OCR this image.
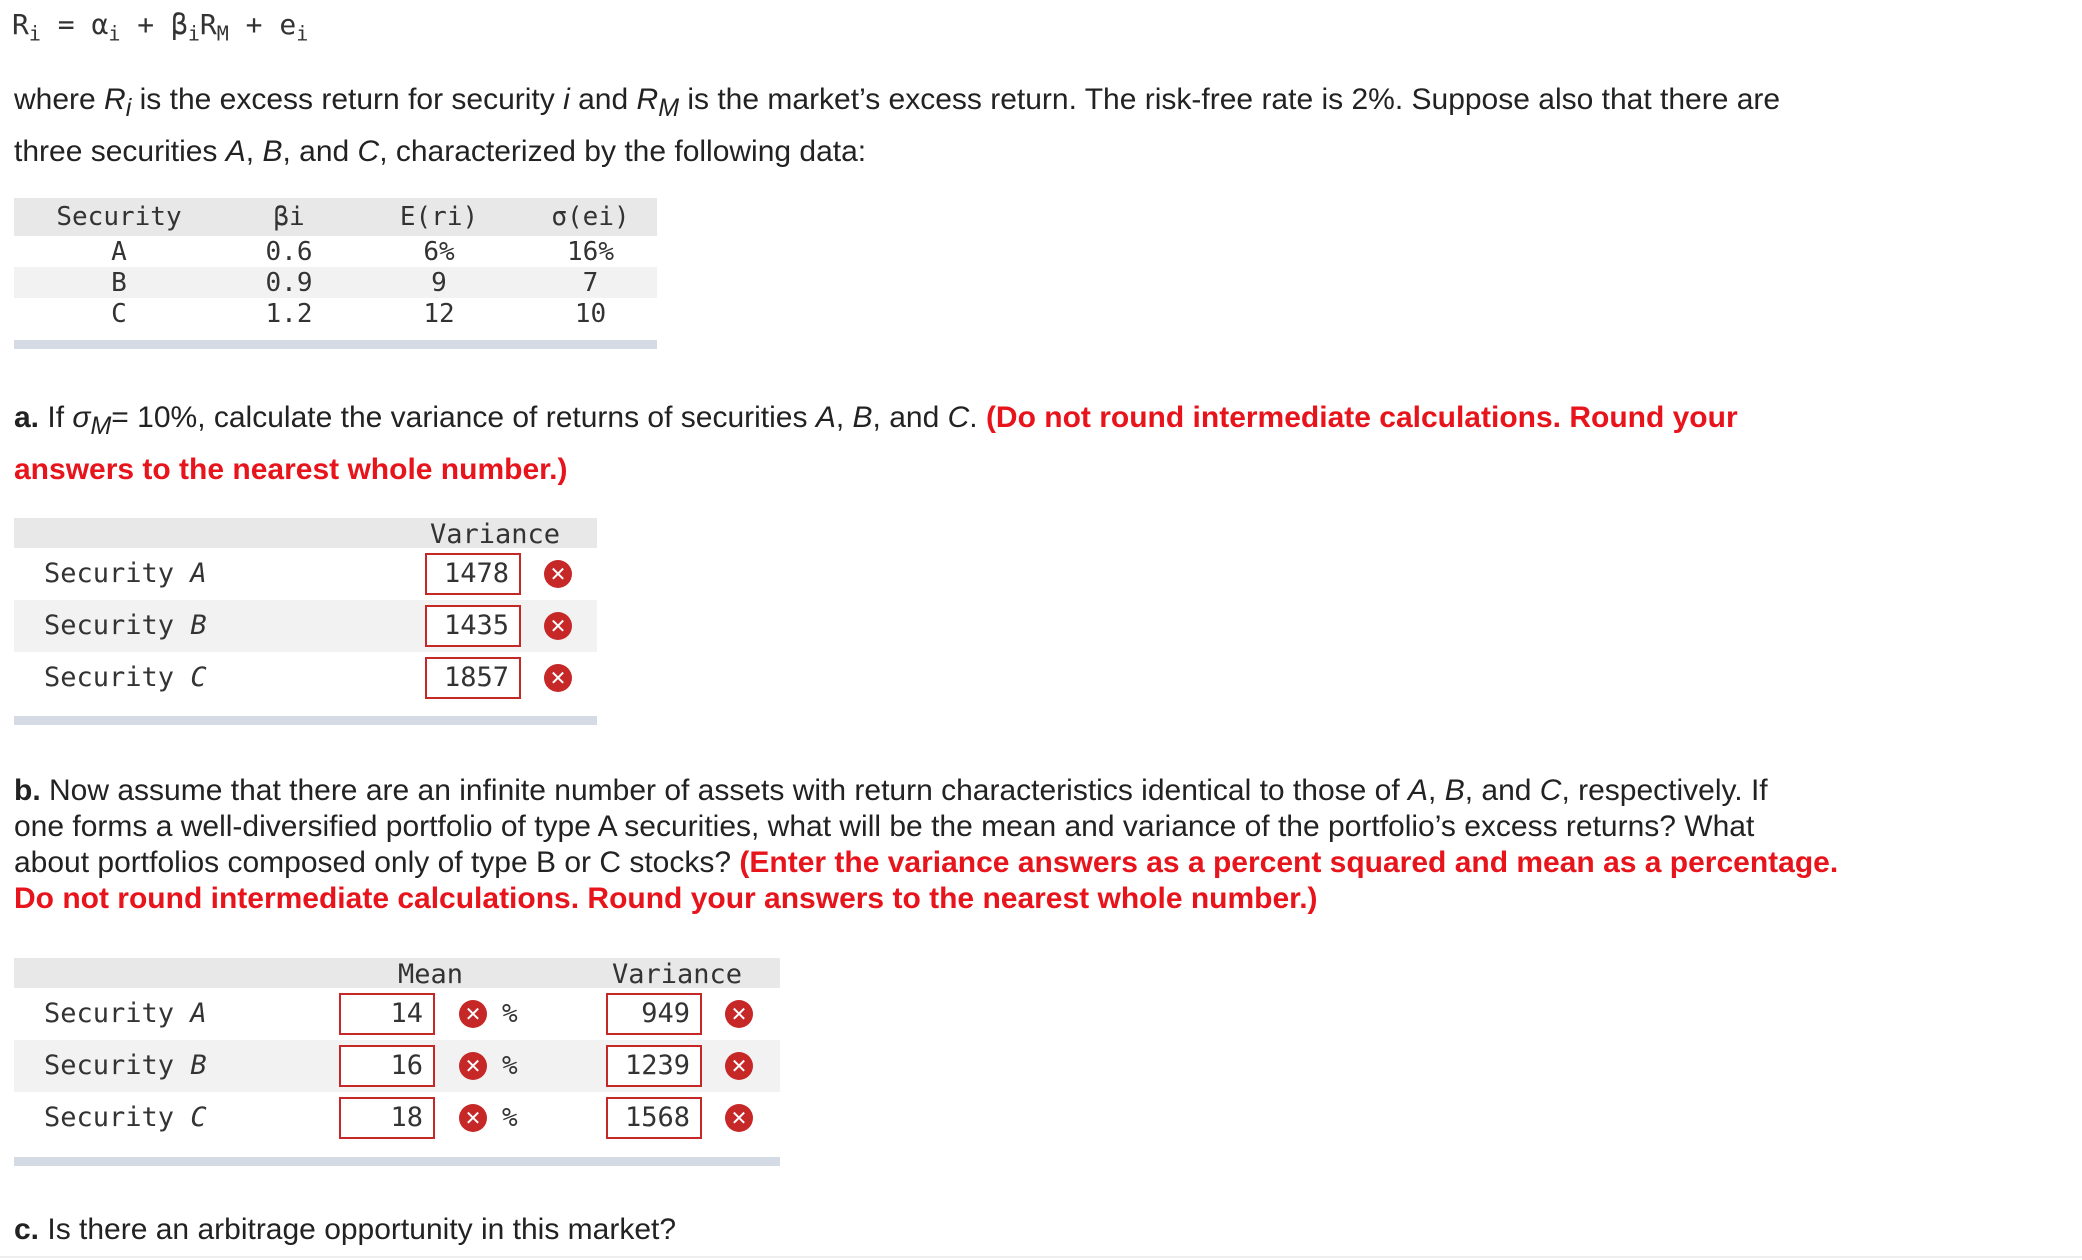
$R_i = \alpha_i + \beta_iR_M + e_i$
where $R_i$ is the excess return for security i and $R_M$ is the market’s excess return. The risk-free rate is 2%. Suppose also that there are
three securities A, B, and C, characterized by the following data:
Security	βi	E(ri)	σ(ei)
A	0.6	6%	16%
B	0.9	9	7
C	1.2	12	10
a. If $\sigma_M= 10\%$, calculate the variance of returns of securities A, B, and C. (Do not round intermediate calculations. Round your
answers to the nearest whole number.)
Variance
Security A	1478	✕
Security B	1435	✕
Security C	1857	✕
b. Now assume that there are an infinite number of assets with return characteristics identical to those of A, B, and C, respectively. If
one forms a well-diversified portfolio of type A securities, what will be the mean and variance of the portfolio’s excess returns? What
about portfolios composed only of type B or C stocks? (Enter the variance answers as a percent squared and mean as a percentage.
Do not round intermediate calculations. Round your answers to the nearest whole number.)
Mean	Variance
Security A	14	✕ %	949	✕
Security B	16	✕ %	1239	✕
Security C	18	✕ %	1568	✕
c. Is there an arbitrage opportunity in this market?
